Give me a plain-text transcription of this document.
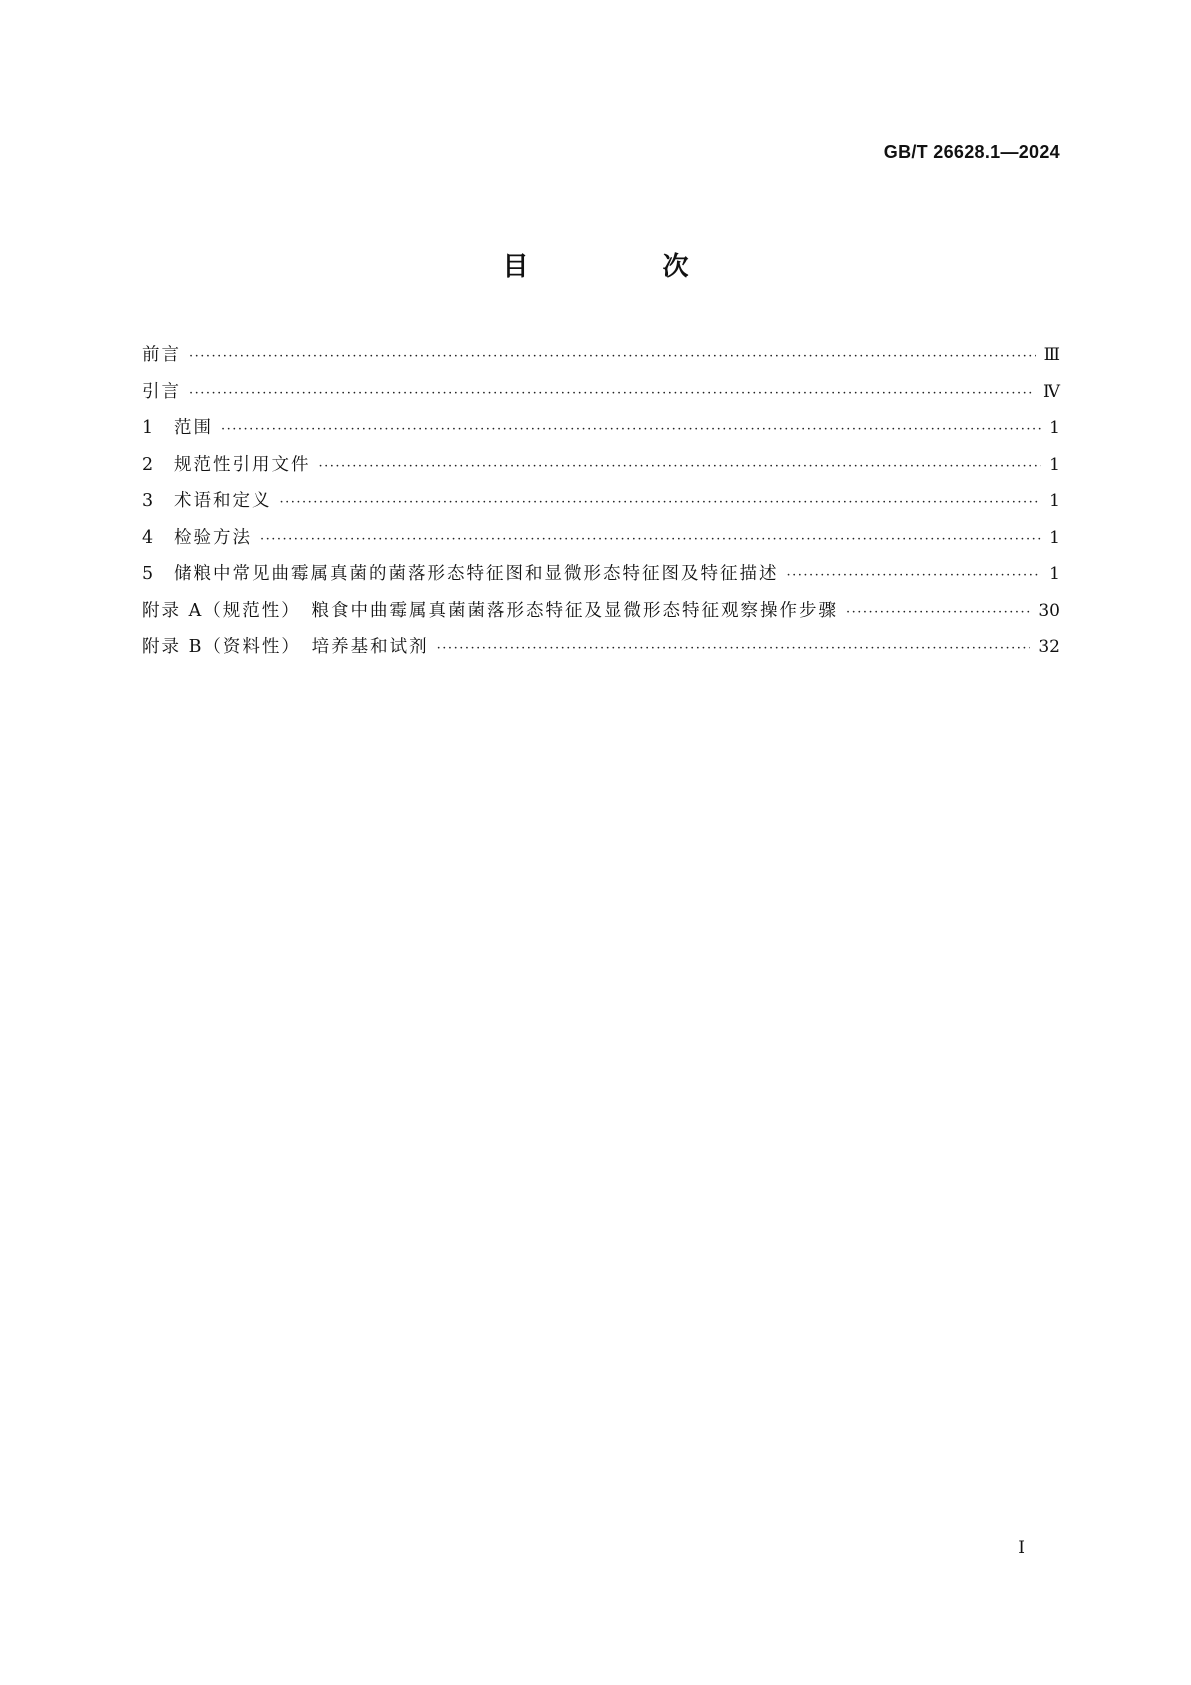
GB/T 26628.1—2024
目　次
前言 ·····	Ⅲ
引言 ·····	Ⅳ
1	范围 ·····	1
2	规范性引用文件 ·····	1
3	术语和定义 ·····	1
4	检验方法 ·····	1
5	储粮中常见曲霉属真菌的菌落形态特征图和显微形态特征图及特征描述 ·····	1
附录 A（规范性）　粮食中曲霉属真菌菌落形态特征及显微形态特征观察操作步骤 ·····	30
附录 B（资料性）　培养基和试剂 ·····	32
Ⅰ
